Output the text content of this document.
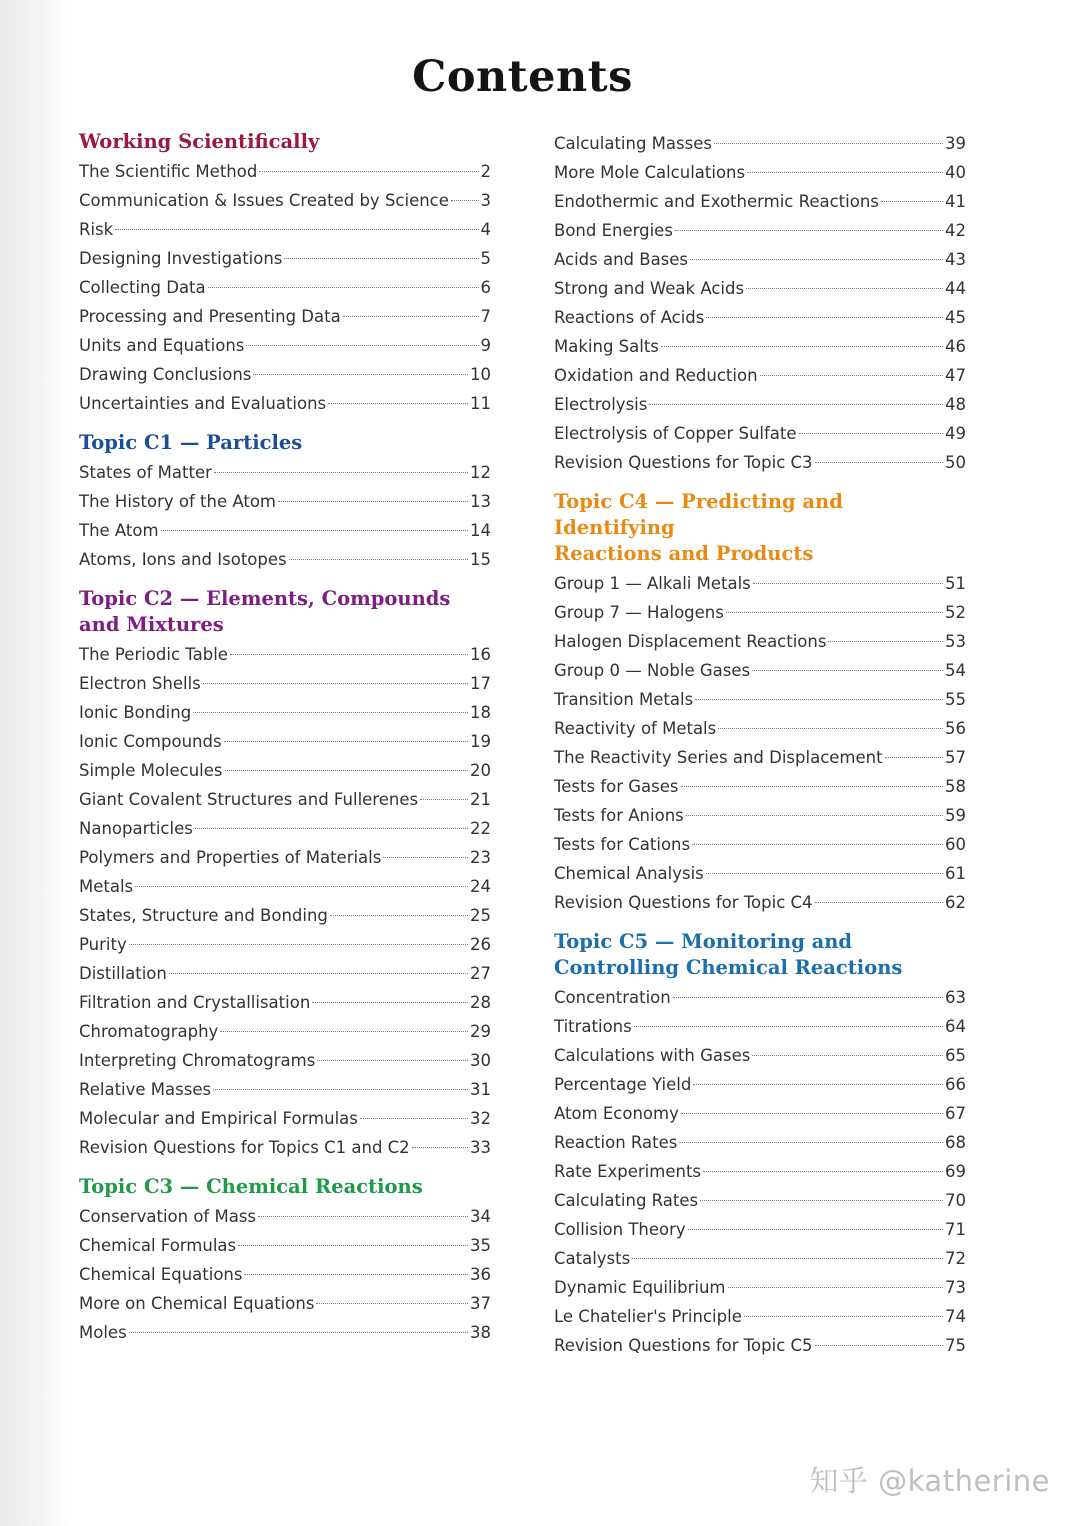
Contents
Working Scientifically
The Scientific Method	2
Communication & Issues Created by Science 3
Risk	4
Designing Investigations	5
Collecting Data	6
Processing and Presenting Data	7
Units and Equations	9
Drawing Conclusions	10
Uncertainties and Evaluations	11
Topic C1 — Particles
States of Matter	12
The History of the Atom	13
The Atom	14
Atoms, Ions and Isotopes	15
Topic C2 — Elements, Compounds
and Mixtures
The Periodic Table	16
Electron Shells	17
Ionic Bonding	18
Ionic Compounds	19
Simple Molecules	20
Giant Covalent Structures and Fullerenes	21
Nanoparticles	22
Polymers and Properties of Materials	23
Metals	24
States, Structure and Bonding	25
Purity	26
Distillation	27
Filtration and Crystallisation	28
Chromatography	29
Interpreting Chromatograms	30
Relative Masses	31
Molecular and Empirical Formulas	32
Revision Questions for Topics C1 and C2	33
Topic C3 — Chemical Reactions
Conservation of Mass	34
Chemical Formulas	35
Chemical Equations	36
More on Chemical Equations	37
Moles	38
Calculating Masses	39
More Mole Calculations	40
Endothermic and Exothermic Reactions	41
Bond Energies	42
Acids and Bases	43
Strong and Weak Acids	44
Reactions of Acids	45
Making Salts	46
Oxidation and Reduction	47
Electrolysis	48
Electrolysis of Copper Sulfate	49
Revision Questions for Topic C3	50
Topic C4 — Predicting and Identifying
Reactions and Products
Group 1 — Alkali Metals	51
Group 7 — Halogens	52
Halogen Displacement Reactions	53
Group 0 — Noble Gases	54
Transition Metals	55
Reactivity of Metals	56
The Reactivity Series and Displacement	57
Tests for Gases	58
Tests for Anions	59
Tests for Cations	60
Chemical Analysis	61
Revision Questions for Topic C4	62
Topic C5 — Monitoring and
Controlling Chemical Reactions
Concentration	63
Titrations	64
Calculations with Gases	65
Percentage Yield	66
Atom Economy	67
Reaction Rates	68
Rate Experiments	69
Calculating Rates	70
Collision Theory	71
Catalysts	72
Dynamic Equilibrium	73
Le Chatelier's Principle	74
Revision Questions for Topic C5	75
知乎 @katherine
